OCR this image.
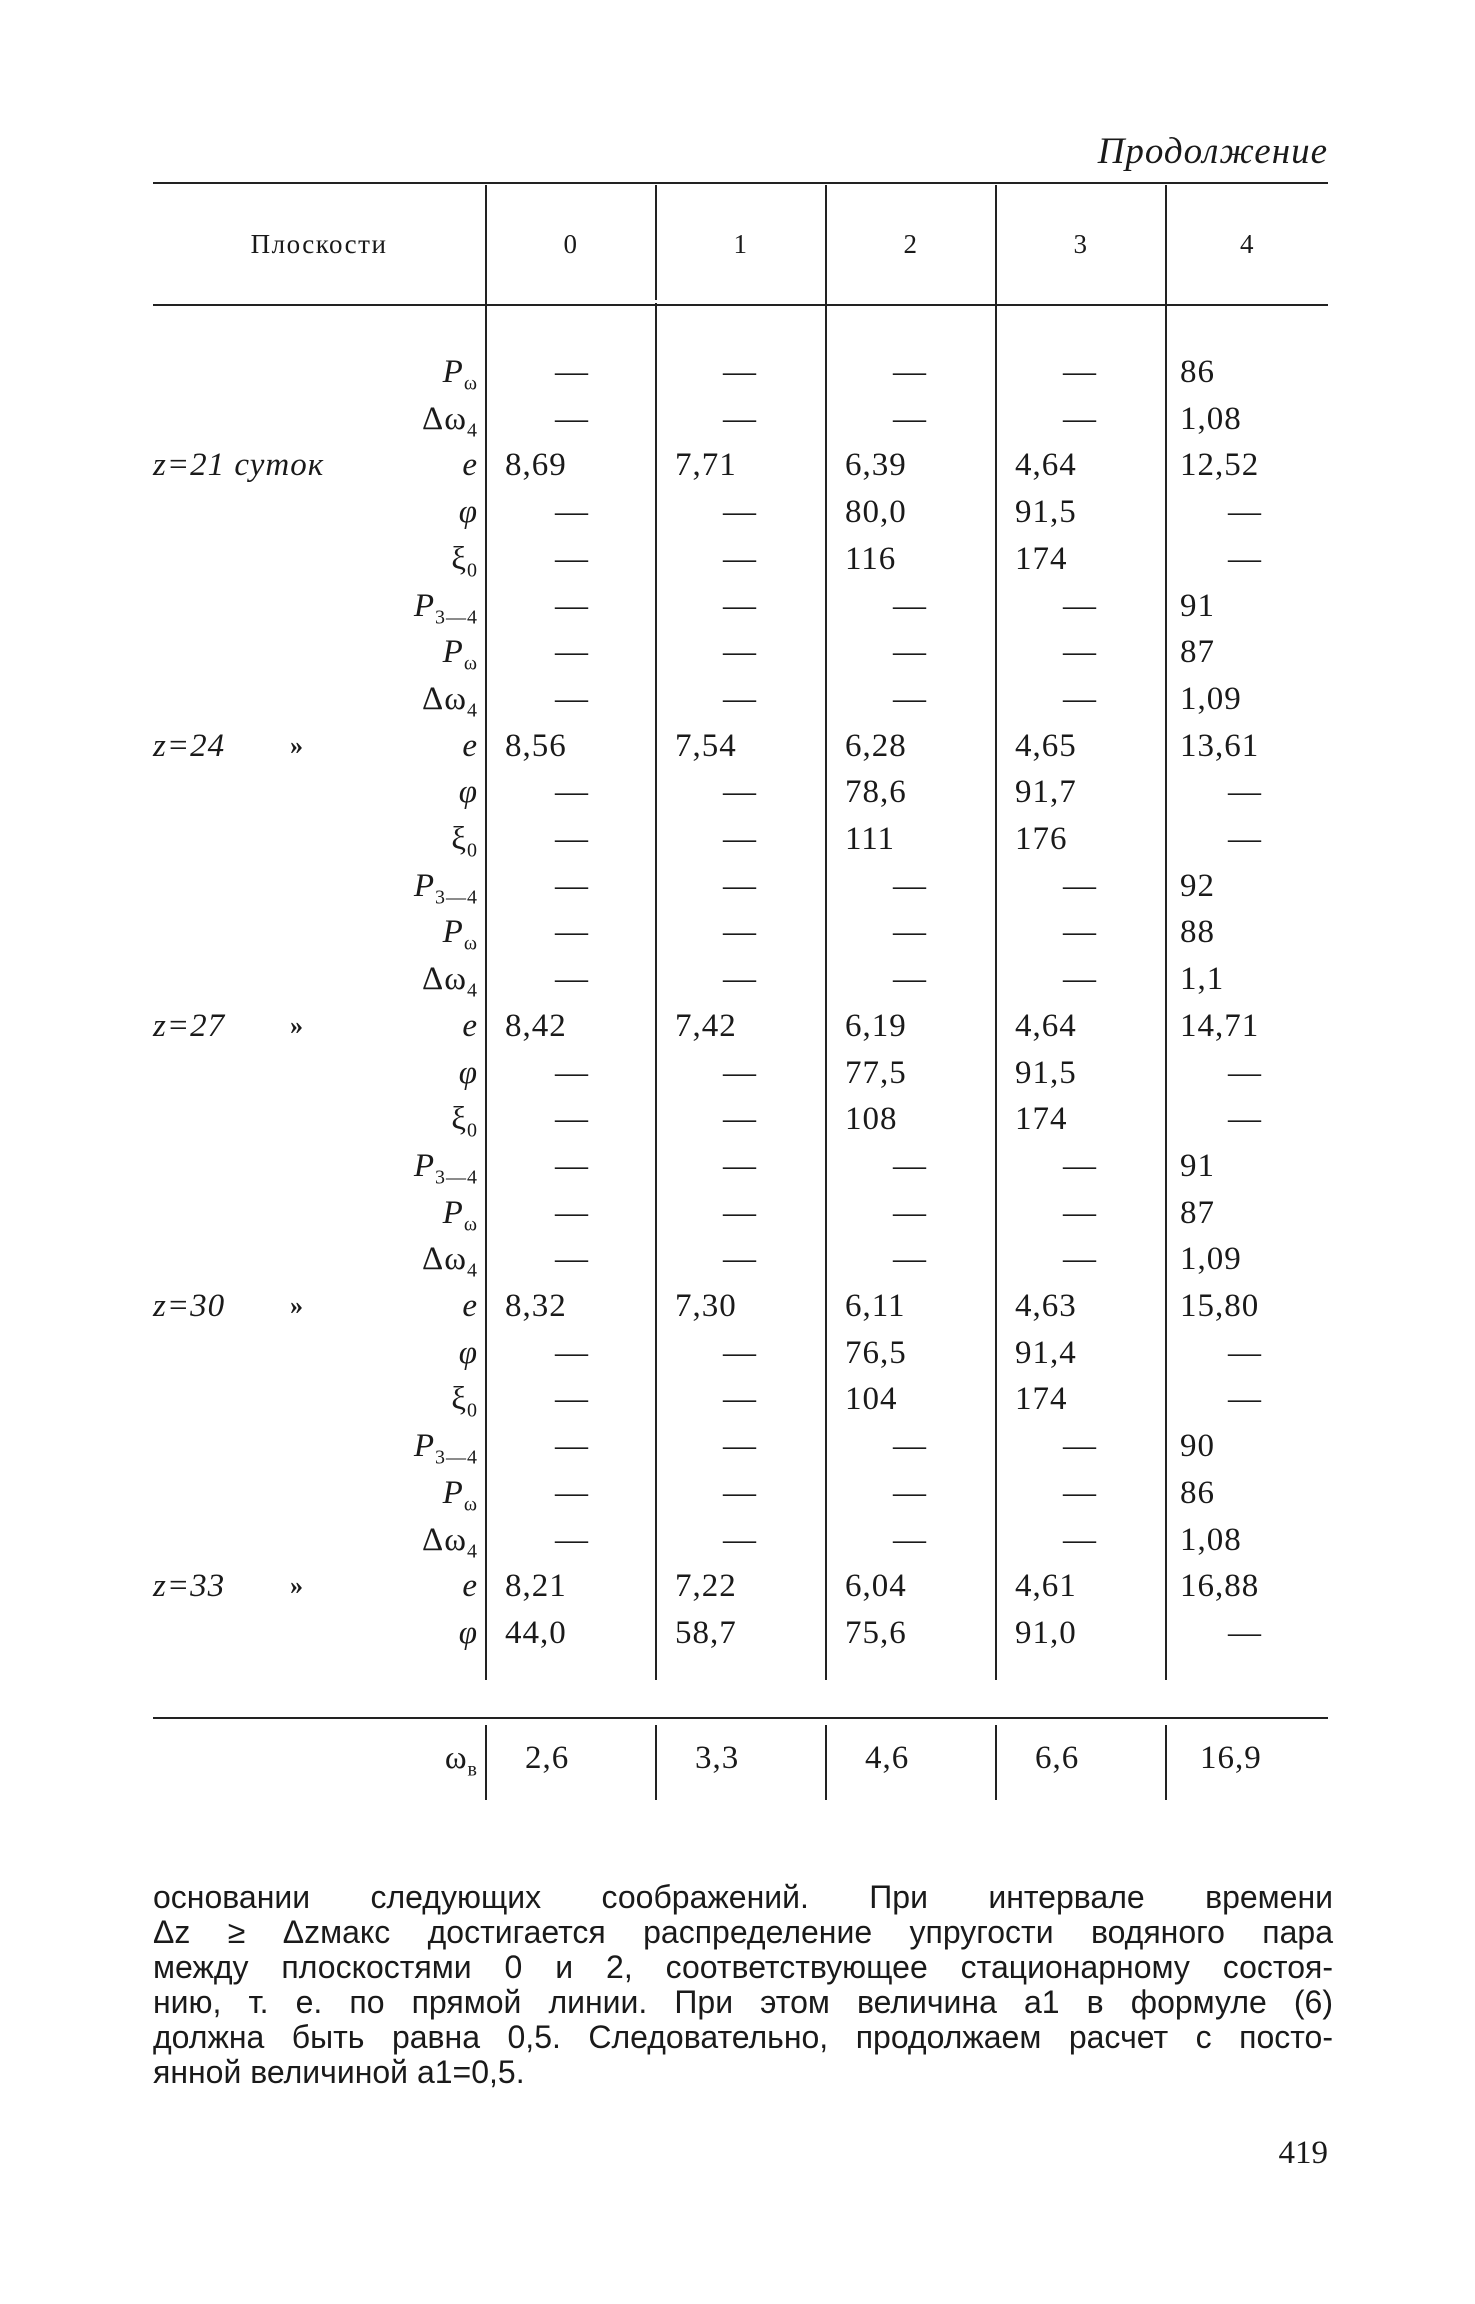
Продолжение
Плоскости	0	1	2	3	4
$P_\omega$	—	—	—	—	86
$\Delta\omega_4$	—	—	—	—	1,08
z=21 суток	e 8,69	7,71	6,39	4,64	12,52
φ	—	—	80,0	91,5	—
$\xi_0$	—	—	116	174	—
$P_{3—4}$	—	—	—	—	91
$P_\omega$	—	—	—	—	87
$\Delta\omega_4$	—	—	—	—	1,09
z=24 »	e 8,56	7,54	6,28	4,65	13,61
φ	—	—	78,6	91,7	—
$\xi_0$	—	—	111	176	—
$P_{3—4}$	—	—	—	—	92
$P_\omega$	—	—	—	—	88
$\Delta\omega_4$	—	—	—	—	1,1
z=27 »	e 8,42	7,42	6,19	4,64	14,71
φ	—	—	77,5	91,5	—
$\xi_0$	—	—	108	174	—
$P_{3—4}$	—	—	—	—	91
$P_\omega$	—	—	—	—	87
$\Delta\omega_4$	—	—	—	—	1,09
z=30 »	e 8,32	7,30	6,11	4,63	15,80
φ	—	—	76,5	91,4	—
$\xi_0$	—	—	104	174	—
$P_{3—4}$	—	—	—	—	90
$P_\omega$	—	—	—	—	86
$\Delta\omega_4$	—	—	—	—	1,08
z=33 »	e 8,21	7,22	6,04	4,61	16,88
φ 44,0	58,7	75,6	91,0	—
$\omega_в$ 2,6	3,3	4,6	6,6	16,9

основании следующих соображений. При интервале времени

Δz ≥ Δzмакс достигается распределение упругости водяного пара

между плоскостями 0 и 2, соответствующее стационарному состоя-

нию, т. е. по прямой линии. При этом величина a1 в формуле (6)

должна быть равна 0,5. Следовательно, продолжаем расчет с посто-

янной величиной a1=0,5.

419
